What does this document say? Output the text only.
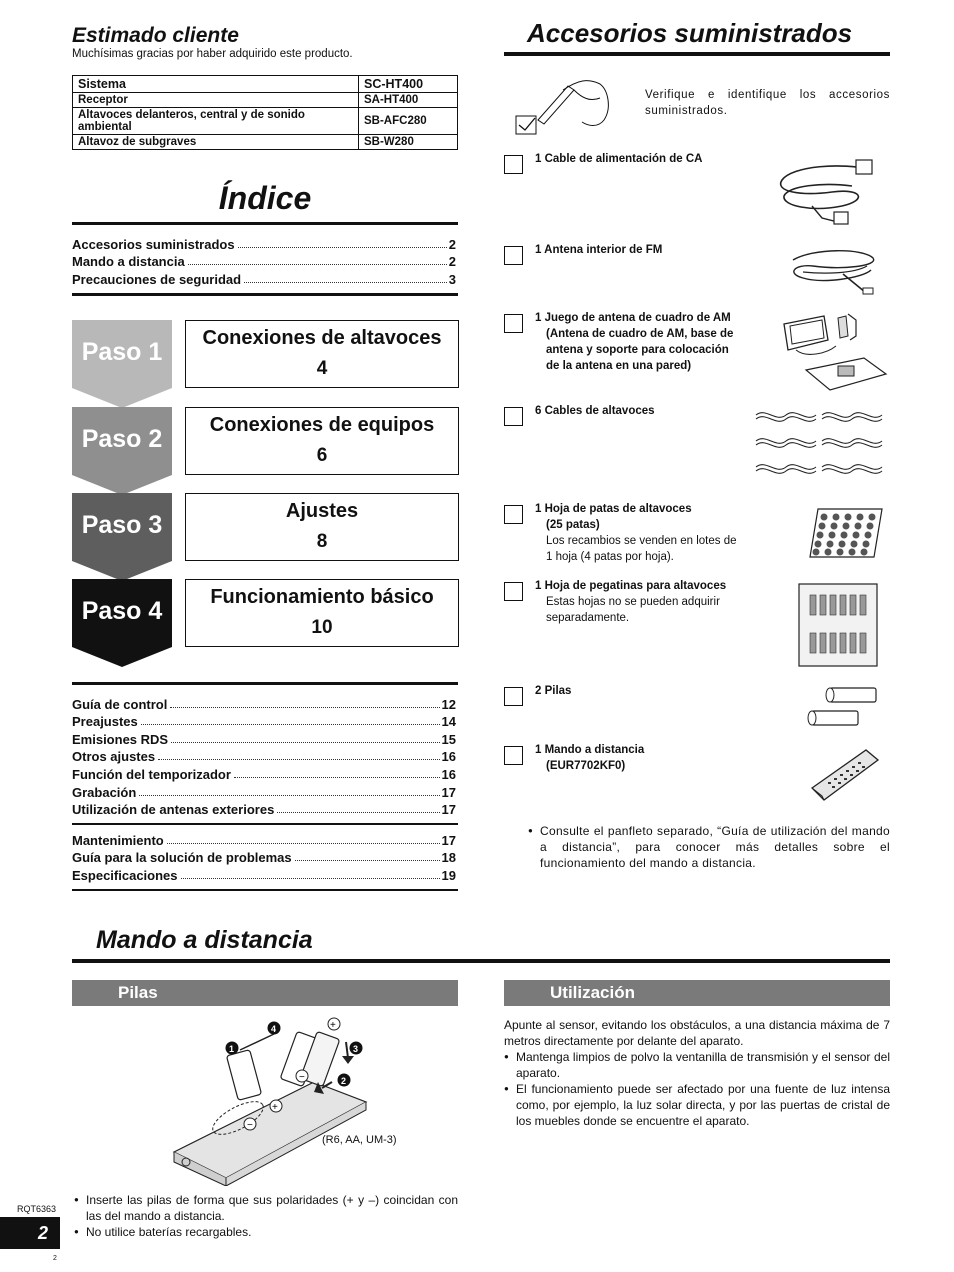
Estimado cliente
Muchísimas gracias por haber adquirido este producto.
Sistema	SC-HT400
Receptor	SA-HT400
Altavoces delanteros, central y de sonido ambiental	SB-AFC280
Altavoz de subgraves	SB-W280
Índice
Accesorios suministrados	2
Mando a distancia	2
Precauciones de seguridad	3
Paso 1	Conexiones de altavoces
4
Paso 2	Conexiones de equipos
6
Paso 3	Ajustes
8
Paso 4	Funcionamiento básico
10
Guía de control	12
Preajustes	14
Emisiones RDS	15
Otros ajustes	16
Función del temporizador	16
Grabación	17
Utilización de antenas exteriores	17
Mantenimiento	17
Guía para la solución de problemas	18
Especificaciones	19
Accesorios suministrados
Verifique e identifique los accesorios suministrados.
1 Cable de alimentación de CA
1 Antena interior de FM
1 Juego de antena de cuadro de AM
(Antena de cuadro de AM, base de
antena y soporte para colocación
de la antena en una pared)
6 Cables de altavoces
1 Hoja de patas de altavoces
(25 patas)
Los recambios se venden en lotes de
1 hoja (4 patas por hoja).
1 Hoja de pegatinas para altavoces
Estas hojas no se pueden adquirir
separadamente.
2 Pilas
1 Mando a distancia
(EUR7702KF0)
● Consulte el panfleto separado, “Guía de utilización del mando a distancia”, para conocer más detalles sobre el funcionamiento del mando a distancia.
Mando a distancia
Pilas	Utilización
+
−
+
−
1
4
3
2
(R6, AA, UM-3)
● Inserte las pilas de forma que sus polaridades (+ y –) coincidan con las del mando a distancia.
● No utilice baterías recargables.
Apunte al sensor, evitando los obstáculos, a una distancia máxima de 7 metros directamente por delante del aparato.
● Mantenga limpios de polvo la ventanilla de transmisión y el sensor del aparato.
● El funcionamiento puede ser afectado por una fuente de luz intensa como, por ejemplo, la luz solar directa, y por las puertas de cristal de los muebles donde se encuentre el aparato.
RQT6363
2
2
